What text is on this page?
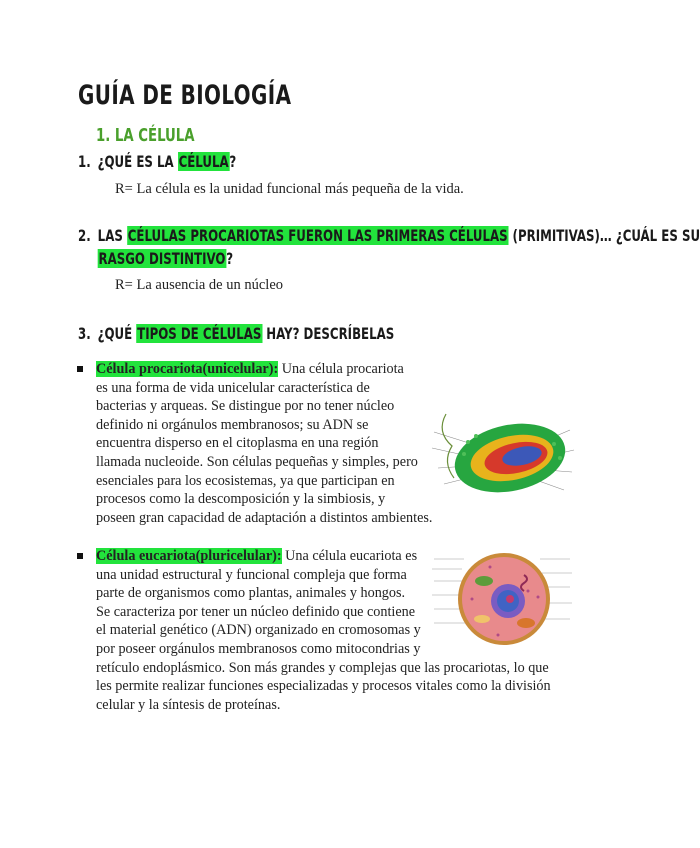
GUÍA DE BIOLOGÍA
1. LA CÉLULA
1. ¿QUÉ ES LA CÉLULA?
R= La célula es la unidad funcional más pequeña de la vida.
2. LAS CÉLULAS PROCARIOTAS FUERON LAS PRIMERAS CÉLULAS (PRIMITIVAS)… ¿CUÁL ES SU
RASGO DISTINTIVO?
R= La ausencia de un núcleo
3. ¿QUÉ TIPOS DE CÉLULAS HAY? DESCRÍBELAS
Célula procariota(unicelular): Una célula procariota es una forma de vida unicelular característica de bacterias y arqueas. Se distingue por no tener núcleo definido ni orgánulos membranosos; su ADN se encuentra disperso en el citoplasma en una región llamada nucleoide. Son células pequeñas y simples, pero esenciales para los ecosistemas, ya que participan en procesos como la descomposición y la simbiosis, y poseen gran capacidad de adaptación a distintos ambientes.
Célula eucariota(pluricelular): Una célula eucariota es una unidad estructural y funcional compleja que forma parte de organismos como plantas, animales y hongos. Se caracteriza por tener un núcleo definido que contiene el material genético (ADN) organizado en cromosomas y por poseer orgánulos membranosos como mitocondrias y retículo endoplásmico. Son más grandes y complejas que las procariotas, lo que les permite realizar funciones especializadas y procesos vitales como la división celular y la síntesis de proteínas.
